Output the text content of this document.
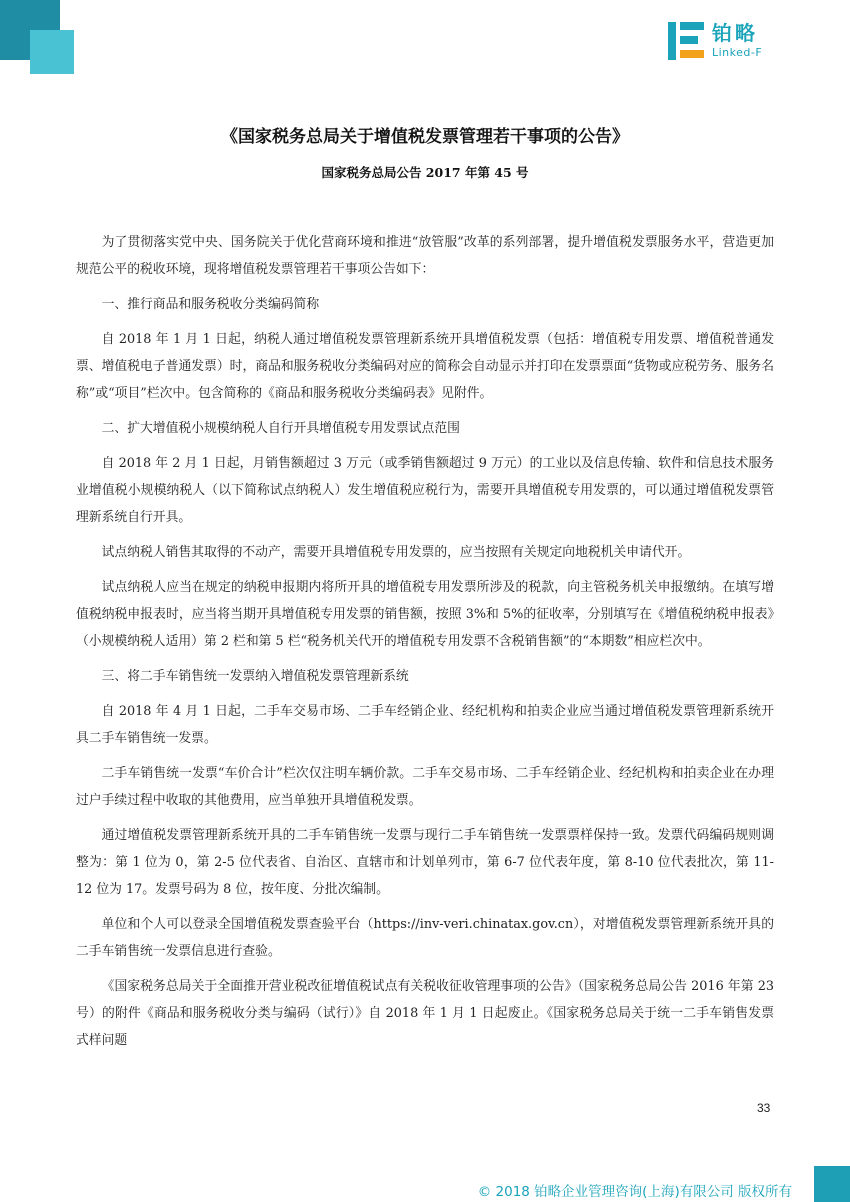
铂略
Linked-F
《国家税务总局关于增值税发票管理若干事项的公告》
国家税务总局公告 2017 年第 45 号

为了贯彻落实党中央、国务院关于优化营商环境和推进“放管服”改革的系列部署，提升增值税发票服务水平，营造更加规范公平的税收环境，现将增值税发票管理若干事项公告如下：

一、推行商品和服务税收分类编码简称

自 2018 年 1 月 1 日起，纳税人通过增值税发票管理新系统开具增值税发票（包括：增值税专用发票、增值税普通发票、增值税电子普通发票）时，商品和服务税收分类编码对应的简称会自动显示并打印在发票票面“货物或应税劳务、服务名称”或“项目”栏次中。包含简称的《商品和服务税收分类编码表》见附件。

二、扩大增值税小规模纳税人自行开具增值税专用发票试点范围

自 2018 年 2 月 1 日起，月销售额超过 3 万元（或季销售额超过 9 万元）的工业以及信息传输、软件和信息技术服务业增值税小规模纳税人（以下简称试点纳税人）发生增值税应税行为，需要开具增值税专用发票的，可以通过增值税发票管理新系统自行开具。

试点纳税人销售其取得的不动产，需要开具增值税专用发票的，应当按照有关规定向地税机关申请代开。

试点纳税人应当在规定的纳税申报期内将所开具的增值税专用发票所涉及的税款，向主管税务机关申报缴纳。在填写增值税纳税申报表时，应当将当期开具增值税专用发票的销售额，按照 3%和 5%的征收率，分别填写在《增值税纳税申报表》（小规模纳税人适用）第 2 栏和第 5 栏“税务机关代开的增值税专用发票不含税销售额”的“本期数”相应栏次中。

三、将二手车销售统一发票纳入增值税发票管理新系统

自 2018 年 4 月 1 日起，二手车交易市场、二手车经销企业、经纪机构和拍卖企业应当通过增值税发票管理新系统开具二手车销售统一发票。

二手车销售统一发票“车价合计”栏次仅注明车辆价款。二手车交易市场、二手车经销企业、经纪机构和拍卖企业在办理过户手续过程中收取的其他费用，应当单独开具增值税发票。

通过增值税发票管理新系统开具的二手车销售统一发票与现行二手车销售统一发票票样保持一致。发票代码编码规则调整为：第 1 位为 0，第 2-5 位代表省、自治区、直辖市和计划单列市，第 6-7 位代表年度，第 8-10 位代表批次，第 11-12 位为 17。发票号码为 8 位，按年度、分批次编制。

单位和个人可以登录全国增值税发票查验平台（https://inv-veri.chinatax.gov.cn），对增值税发票管理新系统开具的二手车销售统一发票信息进行查验。

《国家税务总局关于全面推开营业税改征增值税试点有关税收征收管理事项的公告》（国家税务总局公告 2016 年第 23 号）的附件《商品和服务税收分类与编码（试行）》自 2018 年 1 月 1 日起废止。《国家税务总局关于统一二手车销售发票式样问题

33
© 2018 铂略企业管理咨询(上海)有限公司 版权所有
